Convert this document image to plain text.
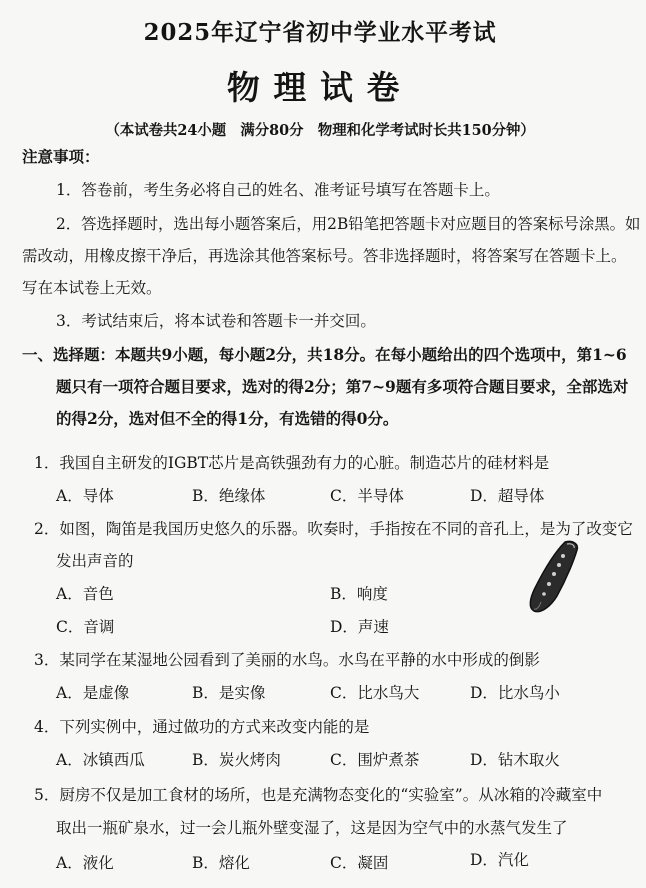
2025年辽宁省初中学业水平考试
物理试卷
（本试卷共24小题　满分80分　物理和化学考试时长共150分钟）
注意事项：
1．答卷前，考生务必将自己的姓名、准考证号填写在答题卡上。
2．答选择题时，选出每小题答案后，用2B铅笔把答题卡对应题目的答案标号涂黑。如
需改动，用橡皮擦干净后，再选涂其他答案标号。答非选择题时，将答案写在答题卡上。
写在本试卷上无效。
3．考试结束后，将本试卷和答题卡一并交回。
一、选择题：本题共9小题，每小题2分，共18分。在每小题给出的四个选项中，第1~6
题只有一项符合题目要求，选对的得2分；第7~9题有多项符合题目要求，全部选对
的得2分，选对但不全的得1分，有选错的得0分。
1．我国自主研发的IGBT芯片是高铁强劲有力的心脏。制造芯片的硅材料是
A．导体	B．绝缘体	C．半导体	D．超导体
2．如图，陶笛是我国历史悠久的乐器。吹奏时，手指按在不同的音孔上，是为了改变它
发出声音的
A．音色	B．响度
C．音调	D．声速
3．某同学在某湿地公园看到了美丽的水鸟。水鸟在平静的水中形成的倒影
A．是虚像	B．是实像	C．比水鸟大	D．比水鸟小
4．下列实例中，通过做功的方式来改变内能的是
A．冰镇西瓜	B．炭火烤肉	C．围炉煮茶	D．钻木取火
5．厨房不仅是加工食材的场所，也是充满物态变化的“实验室”。从冰箱的冷藏室中
取出一瓶矿泉水，过一会儿瓶外壁变湿了，这是因为空气中的水蒸气发生了
A．液化	B．熔化	C．凝固	D．汽化
